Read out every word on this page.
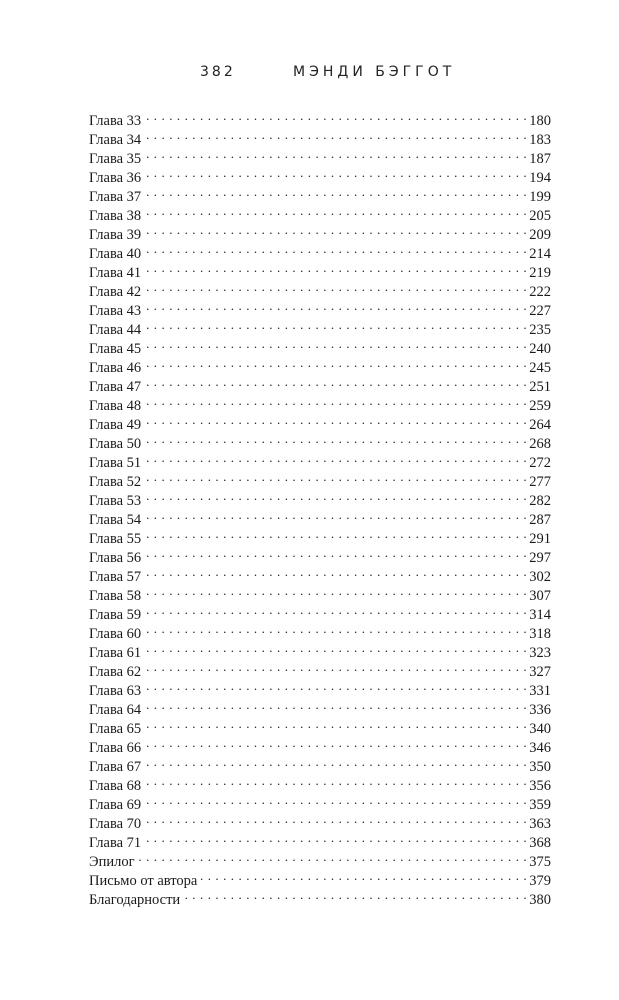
382	МЭНДИ БЭГГОТ
Глава 33 . . .	180
Глава 34 . . .	183
Глава 35 . . .	187
Глава 36 . . .	194
Глава 37 . . .	199
Глава 38 . . .	205
Глава 39 . . .	209
Глава 40 . . .	214
Глава 41 . . .	219
Глава 42 . . .	222
Глава 43 . . .	227
Глава 44 . . .	235
Глава 45 . . .	240
Глава 46 . . .	245
Глава 47 . . .	251
Глава 48 . . .	259
Глава 49 . . .	264
Глава 50 . . .	268
Глава 51 . . .	272
Глава 52 . . .	277
Глава 53 . . .	282
Глава 54 . . .	287
Глава 55 . . .	291
Глава 56 . . .	297
Глава 57 . . .	302
Глава 58 . . .	307
Глава 59 . . .	314
Глава 60 . . .	318
Глава 61 . . .	323
Глава 62 . . .	327
Глава 63 . . .	331
Глава 64 . . .	336
Глава 65 . . .	340
Глава 66 . . .	346
Глава 67 . . .	350
Глава 68 . . .	356
Глава 69 . . .	359
Глава 70 . . .	363
Глава 71 . . .	368
Эпилог . . .	375
Письмо от автора . . .	379
Благодарности . . .	380
